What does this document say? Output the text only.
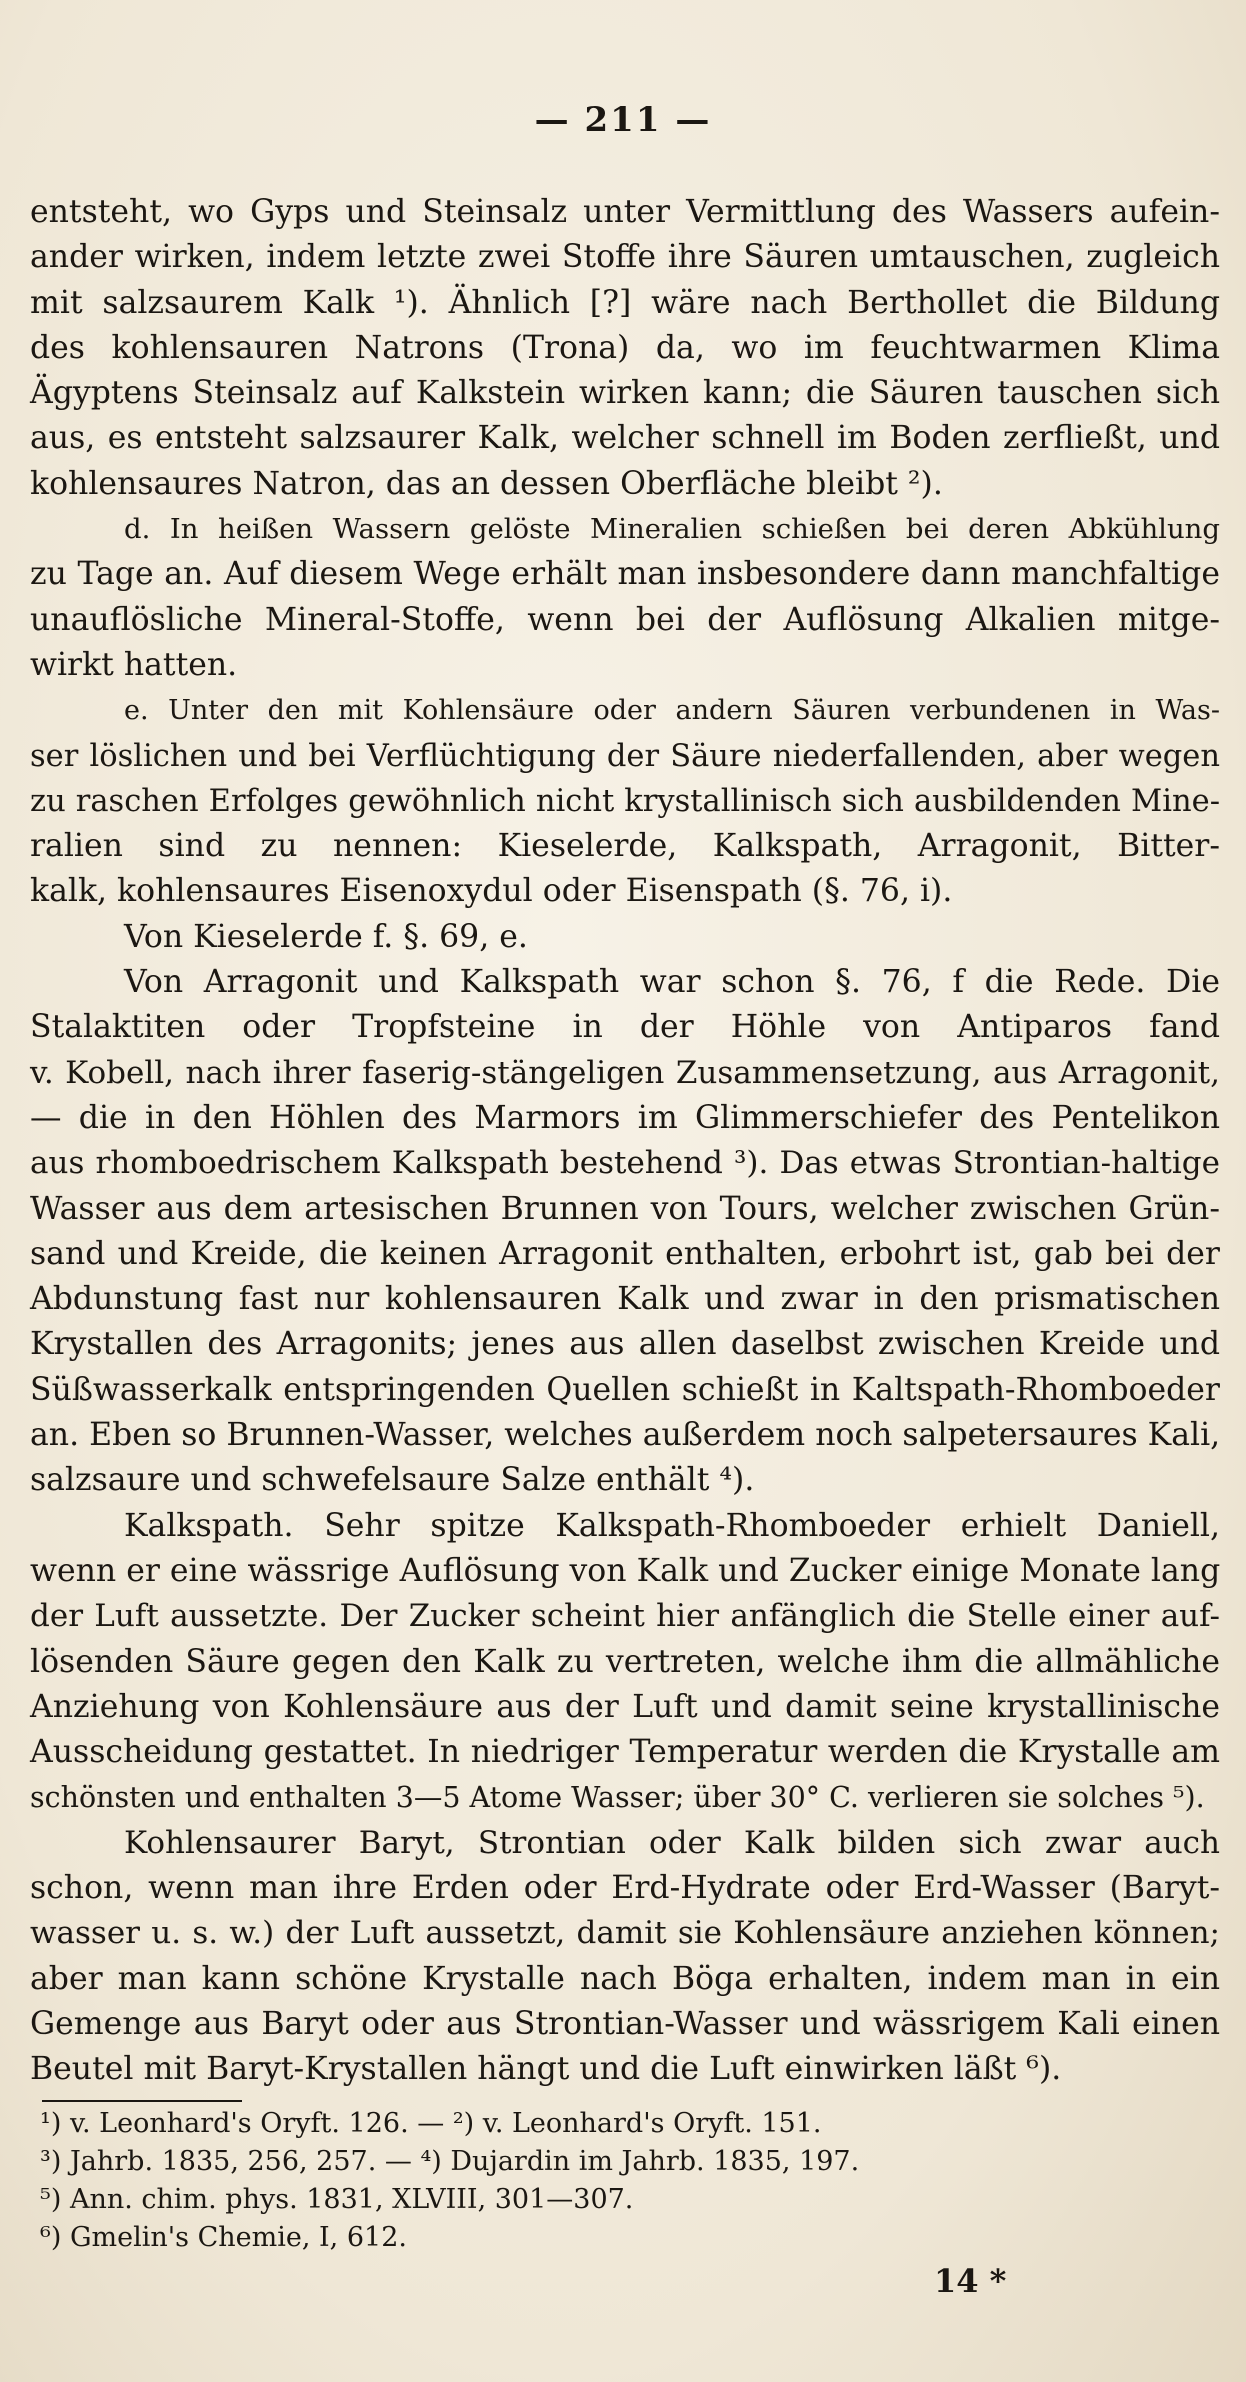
— 211 —
entsteht, wo Gyps und Steinsalz unter Vermittlung des Wassers aufein-
ander wirken, indem letzte zwei Stoffe ihre Säuren umtauschen, zugleich
mit salzsaurem Kalk ¹). Ähnlich [?] wäre nach Berthollet die Bildung
des kohlensauren Natrons (Trona) da, wo im feuchtwarmen Klima
Ägyptens Steinsalz auf Kalkstein wirken kann; die Säuren tauschen sich
aus, es entsteht salzsaurer Kalk, welcher schnell im Boden zerfließt, und
kohlensaures Natron, das an dessen Oberfläche bleibt ²).
d. In heißen Wassern gelöste Mineralien schießen bei deren Abkühlung
zu Tage an. Auf diesem Wege erhält man insbesondere dann manchfaltige
unauflösliche Mineral-Stoffe, wenn bei der Auflösung Alkalien mitge-
wirkt hatten.
e. Unter den mit Kohlensäure oder andern Säuren verbundenen in Was-
ser löslichen und bei Verflüchtigung der Säure niederfallenden, aber wegen
zu raschen Erfolges gewöhnlich nicht krystallinisch sich ausbildenden Mine-
ralien sind zu nennen: Kieselerde, Kalkspath, Arragonit, Bitter-
kalk, kohlensaures Eisenoxydul oder Eisenspath (§. 76, i).
Von Kieselerde f. §. 69, e.
Von Arragonit und Kalkspath war schon §. 76, f die Rede. Die
Stalaktiten oder Tropfsteine in der Höhle von Antiparos fand
v. Kobell, nach ihrer faserig-stängeligen Zusammensetzung, aus Arragonit,
— die in den Höhlen des Marmors im Glimmerschiefer des Pentelikon
aus rhomboedrischem Kalkspath bestehend ³). Das etwas Strontian-haltige
Wasser aus dem artesischen Brunnen von Tours, welcher zwischen Grün-
sand und Kreide, die keinen Arragonit enthalten, erbohrt ist, gab bei der
Abdunstung fast nur kohlensauren Kalk und zwar in den prismatischen
Krystallen des Arragonits; jenes aus allen daselbst zwischen Kreide und
Süßwasserkalk entspringenden Quellen schießt in Kaltspath-Rhomboeder
an. Eben so Brunnen-Wasser, welches außerdem noch salpetersaures Kali,
salzsaure und schwefelsaure Salze enthält ⁴).
Kalkspath. Sehr spitze Kalkspath-Rhomboeder erhielt Daniell,
wenn er eine wässrige Auflösung von Kalk und Zucker einige Monate lang
der Luft aussetzte. Der Zucker scheint hier anfänglich die Stelle einer auf-
lösenden Säure gegen den Kalk zu vertreten, welche ihm die allmähliche
Anziehung von Kohlensäure aus der Luft und damit seine krystallinische
Ausscheidung gestattet. In niedriger Temperatur werden die Krystalle am
schönsten und enthalten 3—5 Atome Wasser; über 30° C. verlieren sie solches ⁵).
Kohlensaurer Baryt, Strontian oder Kalk bilden sich zwar auch
schon, wenn man ihre Erden oder Erd-Hydrate oder Erd-Wasser (Baryt-
wasser u. s. w.) der Luft aussetzt, damit sie Kohlensäure anziehen können;
aber man kann schöne Krystalle nach Böga erhalten, indem man in ein
Gemenge aus Baryt oder aus Strontian-Wasser und wässrigem Kali einen
Beutel mit Baryt-Krystallen hängt und die Luft einwirken läßt ⁶).
¹) v. Leonhard's Oryft. 126. — ²) v. Leonhard's Oryft. 151.
³) Jahrb. 1835, 256, 257. — ⁴) Dujardin im Jahrb. 1835, 197.
⁵) Ann. chim. phys. 1831, XLVIII, 301—307.
⁶) Gmelin's Chemie, I, 612.
14 *
